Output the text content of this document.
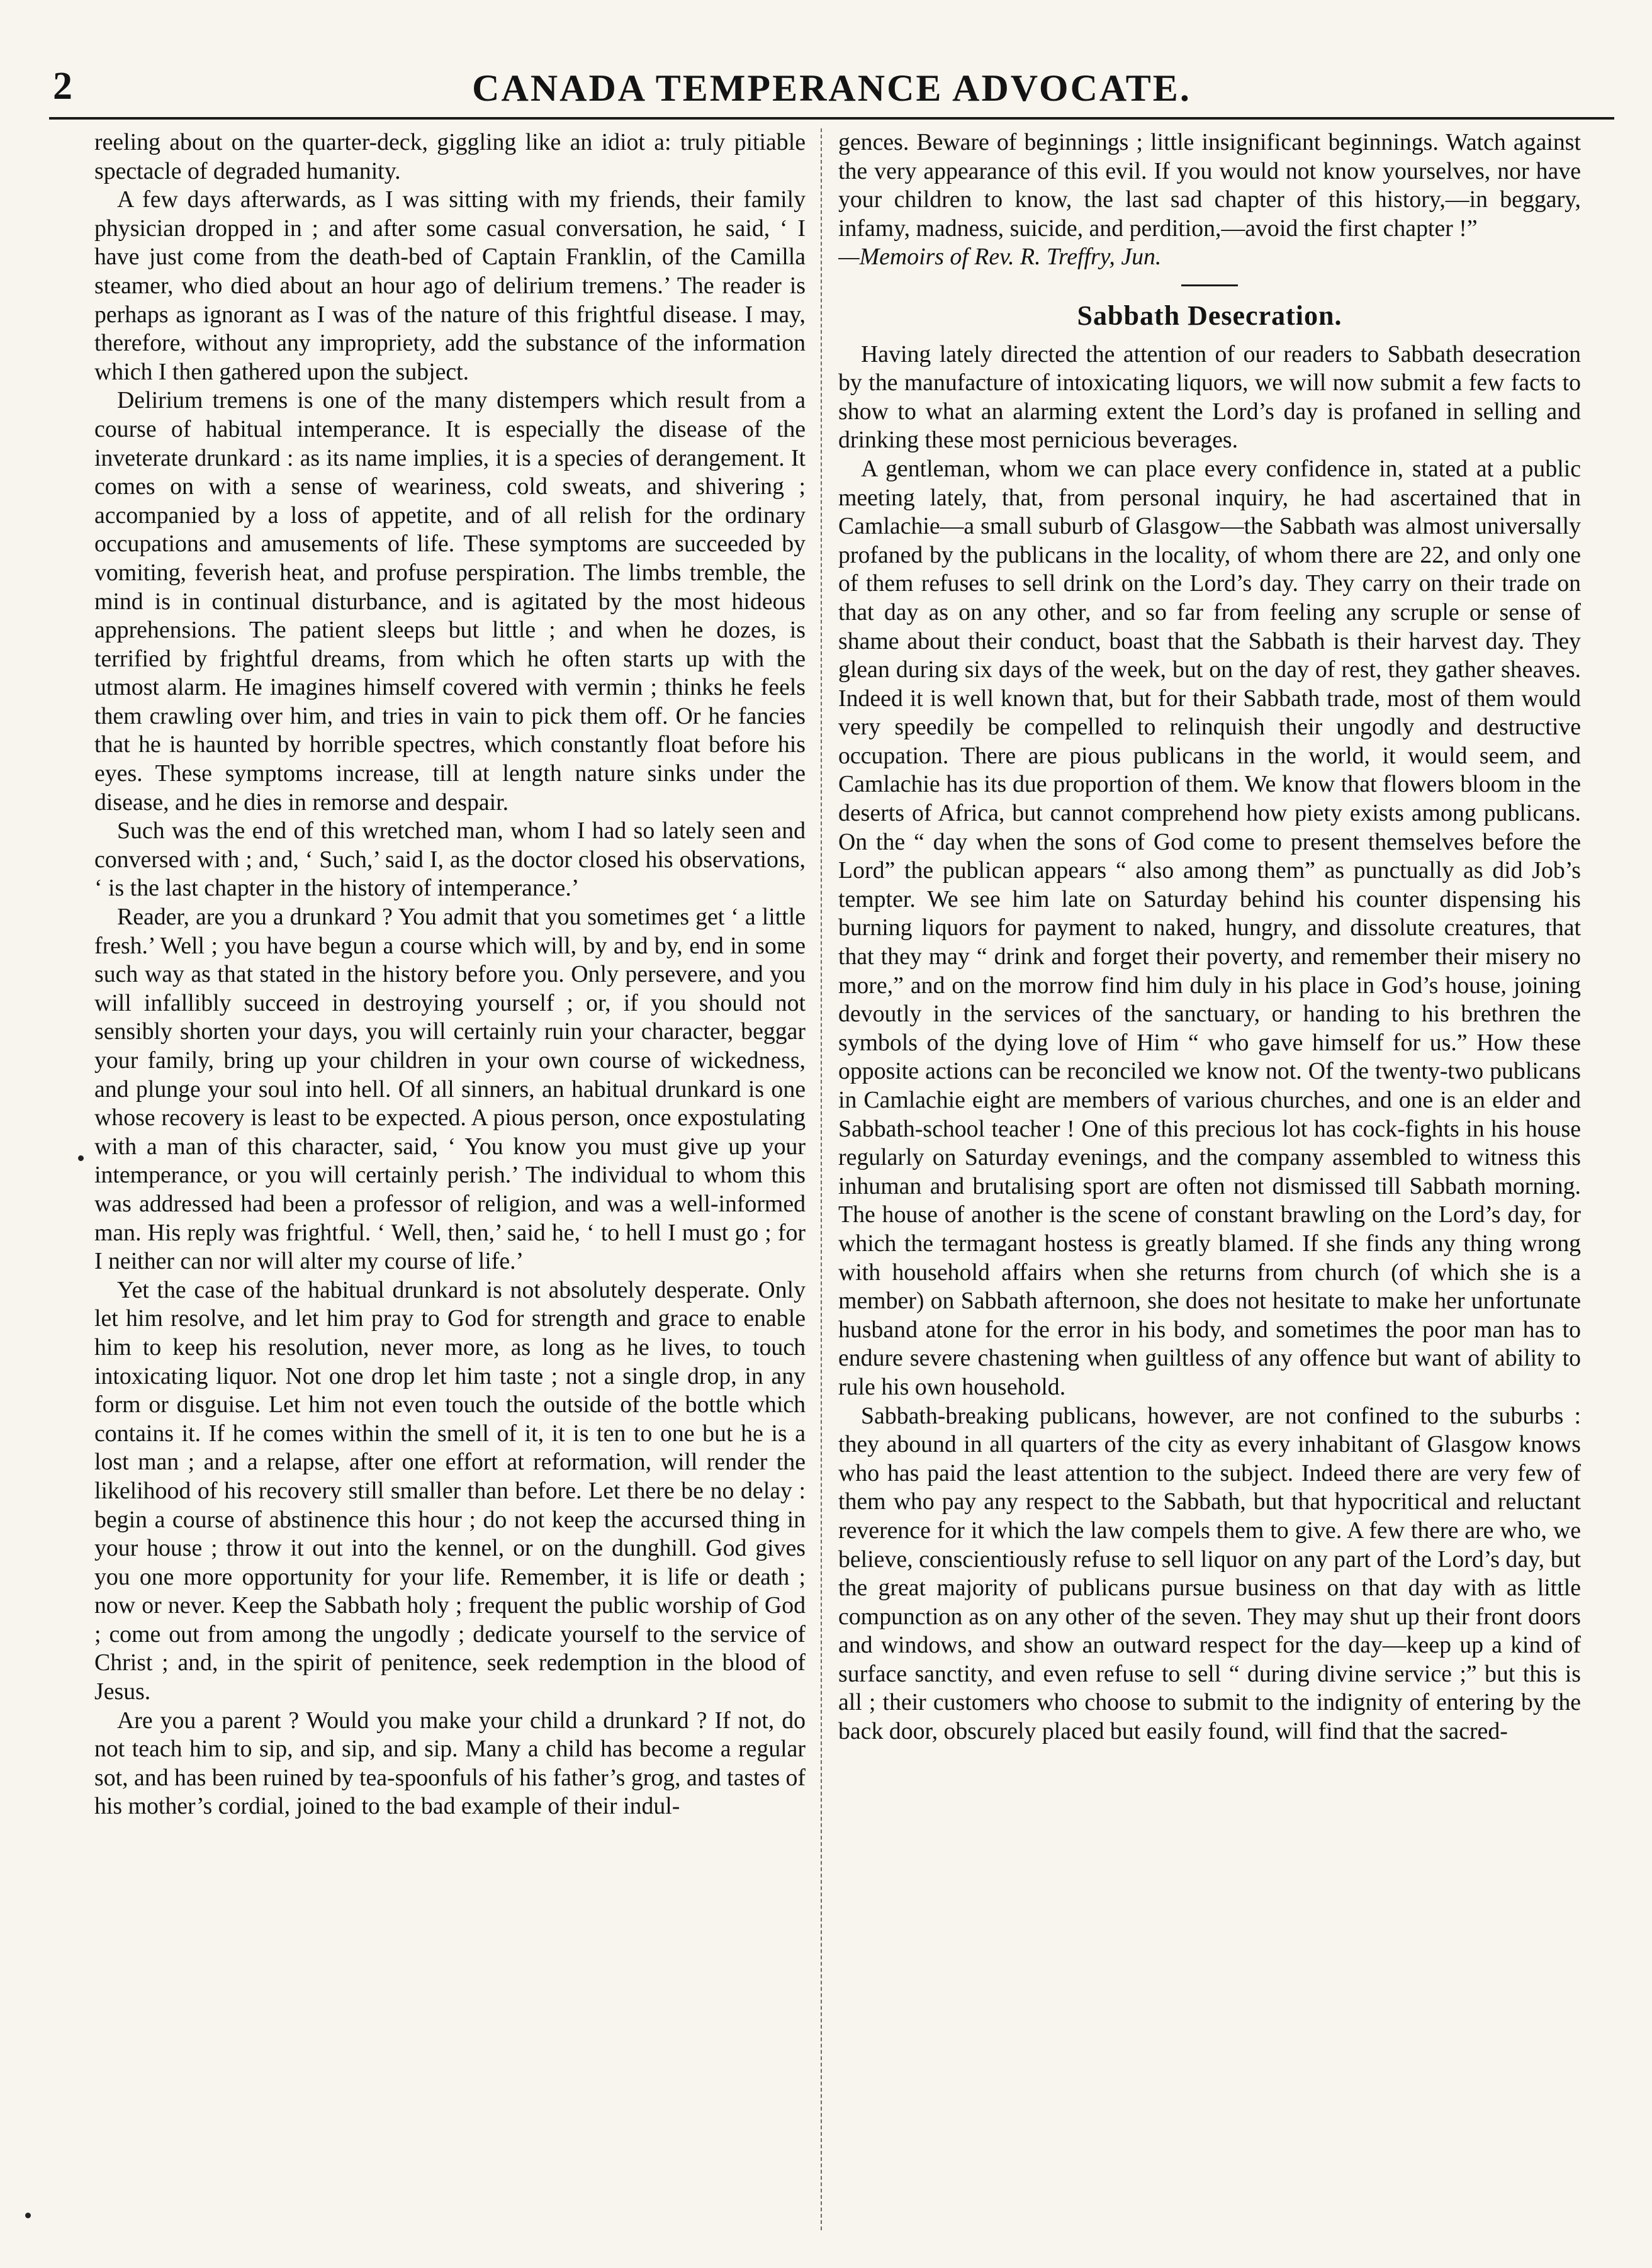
2	CANADA TEMPERANCE ADVOCATE.

reeling about on the quarter-deck, giggling like an idiot a: truly pitiable spectacle of degraded humanity.

A few days afterwards, as I was sitting with my friends, their family physician dropped in ; and after some casual conversation, he said, ‘ I have just come from the death-bed of Captain Franklin, of the Camilla steamer, who died about an hour ago of delirium tremens.’ The reader is perhaps as ignorant as I was of the nature of this frightful disease. I may, therefore, without any impropriety, add the substance of the information which I then gathered upon the subject.

Delirium tremens is one of the many distempers which result from a course of habitual intemperance. It is especially the disease of the inveterate drunkard : as its name implies, it is a species of derangement. It comes on with a sense of weariness, cold sweats, and shivering ; accompanied by a loss of appetite, and of all relish for the ordinary occupations and amusements of life. These symptoms are succeeded by vomiting, feverish heat, and profuse perspiration. The limbs tremble, the mind is in continual disturbance, and is agitated by the most hideous apprehensions. The patient sleeps but little ; and when he dozes, is terrified by frightful dreams, from which he often starts up with the utmost alarm. He imagines himself covered with vermin ; thinks he feels them crawling over him, and tries in vain to pick them off. Or he fancies that he is haunted by horrible spectres, which constantly float before his eyes. These symptoms increase, till at length nature sinks under the disease, and he dies in remorse and despair.

Such was the end of this wretched man, whom I had so lately seen and conversed with ; and, ‘ Such,’ said I, as the doctor closed his observations, ‘ is the last chapter in the history of intemperance.’

Reader, are you a drunkard ? You admit that you sometimes get ‘ a little fresh.’ Well ; you have begun a course which will, by and by, end in some such way as that stated in the history before you. Only persevere, and you will infallibly succeed in destroying yourself ; or, if you should not sensibly shorten your days, you will certainly ruin your character, beggar your family, bring up your children in your own course of wickedness, and plunge your soul into hell. Of all sinners, an habitual drunkard is one whose recovery is least to be expected. A pious person, once expostulating with a man of this character, said, ‘ You know you must give up your intemperance, or you will certainly perish.’ The individual to whom this was addressed had been a professor of religion, and was a well-informed man. His reply was frightful. ‘ Well, then,’ said he, ‘ to hell I must go ; for I neither can nor will alter my course of life.’

Yet the case of the habitual drunkard is not absolutely desperate. Only let him resolve, and let him pray to God for strength and grace to enable him to keep his resolution, never more, as long as he lives, to touch intoxicating liquor. Not one drop let him taste ; not a single drop, in any form or disguise. Let him not even touch the outside of the bottle which contains it. If he comes within the smell of it, it is ten to one but he is a lost man ; and a relapse, after one effort at reformation, will render the likelihood of his recovery still smaller than before. Let there be no delay : begin a course of abstinence this hour ; do not keep the accursed thing in your house ; throw it out into the kennel, or on the dunghill. God gives you one more opportunity for your life. Remember, it is life or death ; now or never. Keep the Sabbath holy ; frequent the public worship of God ; come out from among the ungodly ; dedicate yourself to the service of Christ ; and, in the spirit of penitence, seek redemption in the blood of Jesus.

Are you a parent ? Would you make your child a drunkard ? If not, do not teach him to sip, and sip, and sip. Many a child has become a regular sot, and has been ruined by tea-spoonfuls of his father’s grog, and tastes of his mother’s cordial, joined to the bad example of their indul-

gences. Beware of beginnings ; little insignificant beginnings. Watch against the very appearance of this evil. If you would not know yourselves, nor have your children to know, the last sad chapter of this history,—in beggary, infamy, madness, suicide, and perdition,—avoid the first chapter !”

—Memoirs of Rev. R. Treffry, Jun.

Sabbath Desecration.

Having lately directed the attention of our readers to Sabbath desecration by the manufacture of intoxicating liquors, we will now submit a few facts to show to what an alarming extent the Lord’s day is profaned in selling and drinking these most pernicious beverages.

A gentleman, whom we can place every confidence in, stated at a public meeting lately, that, from personal inquiry, he had ascertained that in Camlachie—a small suburb of Glasgow—the Sabbath was almost universally profaned by the publicans in the locality, of whom there are 22, and only one of them refuses to sell drink on the Lord’s day. They carry on their trade on that day as on any other, and so far from feeling any scruple or sense of shame about their conduct, boast that the Sabbath is their harvest day. They glean during six days of the week, but on the day of rest, they gather sheaves. Indeed it is well known that, but for their Sabbath trade, most of them would very speedily be compelled to relinquish their ungodly and destructive occupation. There are pious publicans in the world, it would seem, and Camlachie has its due proportion of them. We know that flowers bloom in the deserts of Africa, but cannot comprehend how piety exists among publicans. On the “ day when the sons of God come to present themselves before the Lord” the publican appears “ also among them” as punctually as did Job’s tempter. We see him late on Saturday behind his counter dispensing his burning liquors for payment to naked, hungry, and dissolute creatures, that that they may “ drink and forget their poverty, and remember their misery no more,” and on the morrow find him duly in his place in God’s house, joining devoutly in the services of the sanctuary, or handing to his brethren the symbols of the dying love of Him “ who gave himself for us.” How these opposite actions can be reconciled we know not. Of the twenty-two publicans in Camlachie eight are members of various churches, and one is an elder and Sabbath-school teacher ! One of this precious lot has cock-fights in his house regularly on Saturday evenings, and the company assembled to witness this inhuman and brutalising sport are often not dismissed till Sabbath morning. The house of another is the scene of constant brawling on the Lord’s day, for which the termagant hostess is greatly blamed. If she finds any thing wrong with household affairs when she returns from church (of which she is a member) on Sabbath afternoon, she does not hesitate to make her unfortunate husband atone for the error in his body, and sometimes the poor man has to endure severe chastening when guiltless of any offence but want of ability to rule his own household.

Sabbath-breaking publicans, however, are not confined to the suburbs : they abound in all quarters of the city as every inhabitant of Glasgow knows who has paid the least attention to the subject. Indeed there are very few of them who pay any respect to the Sabbath, but that hypocritical and reluctant reverence for it which the law compels them to give. A few there are who, we believe, conscientiously refuse to sell liquor on any part of the Lord’s day, but the great majority of publicans pursue business on that day with as little compunction as on any other of the seven. They may shut up their front doors and windows, and show an outward respect for the day—keep up a kind of surface sanctity, and even refuse to sell “ during divine service ;” but this is all ; their customers who choose to submit to the indignity of entering by the back door, obscurely placed but easily found, will find that the sacred-
